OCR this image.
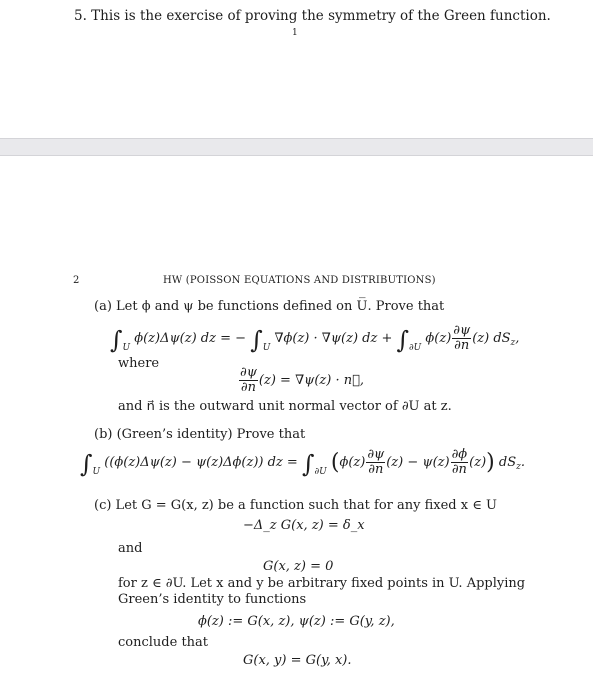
5. This is the exercise of proving the symmetry of the Green function.
1
2	HW (POISSON EQUATIONS AND DISTRIBUTIONS)
(a) Let ϕ and ψ be functions defined on U̅. Prove that
$\int_U$ ϕ(z)Δψ(z) dz = − $\int_U$ ∇ϕ(z) · ∇ψ(z) dz + $\int_{\partial U}$ $\phi(z) \frac{\partial\psi}{\partial n} (z)$ $dS_z$,
where
$\frac{\partial\psi}{\partial n} (z) = \nabla\psi(z)$ · n⃗,
and n⃗ is the outward unit normal vector of ∂U at z.
(b) (Green’s identity) Prove that
$\int_U$ ((ϕ(z)Δψ(z) − ψ(z)Δϕ(z)) dz = $\int_{\partial U}$ $(\phi(z) \frac{\partial\psi}{\partial n} (z) - \psi(z) \frac{\partial\phi}{\partial n} (z))$ $dS_z$.
(c) Let G = G(x, z) be a function such that for any fixed x ∈ U
−Δ_z G(x, z) = δ_x
and
G(x, z) = 0
for z ∈ ∂U. Let x and y be arbitrary fixed points in U. Applying
Green’s identity to functions
ϕ(z) := G(x, z), ψ(z) := G(y, z),
conclude that
G(x, y) = G(y, x).
